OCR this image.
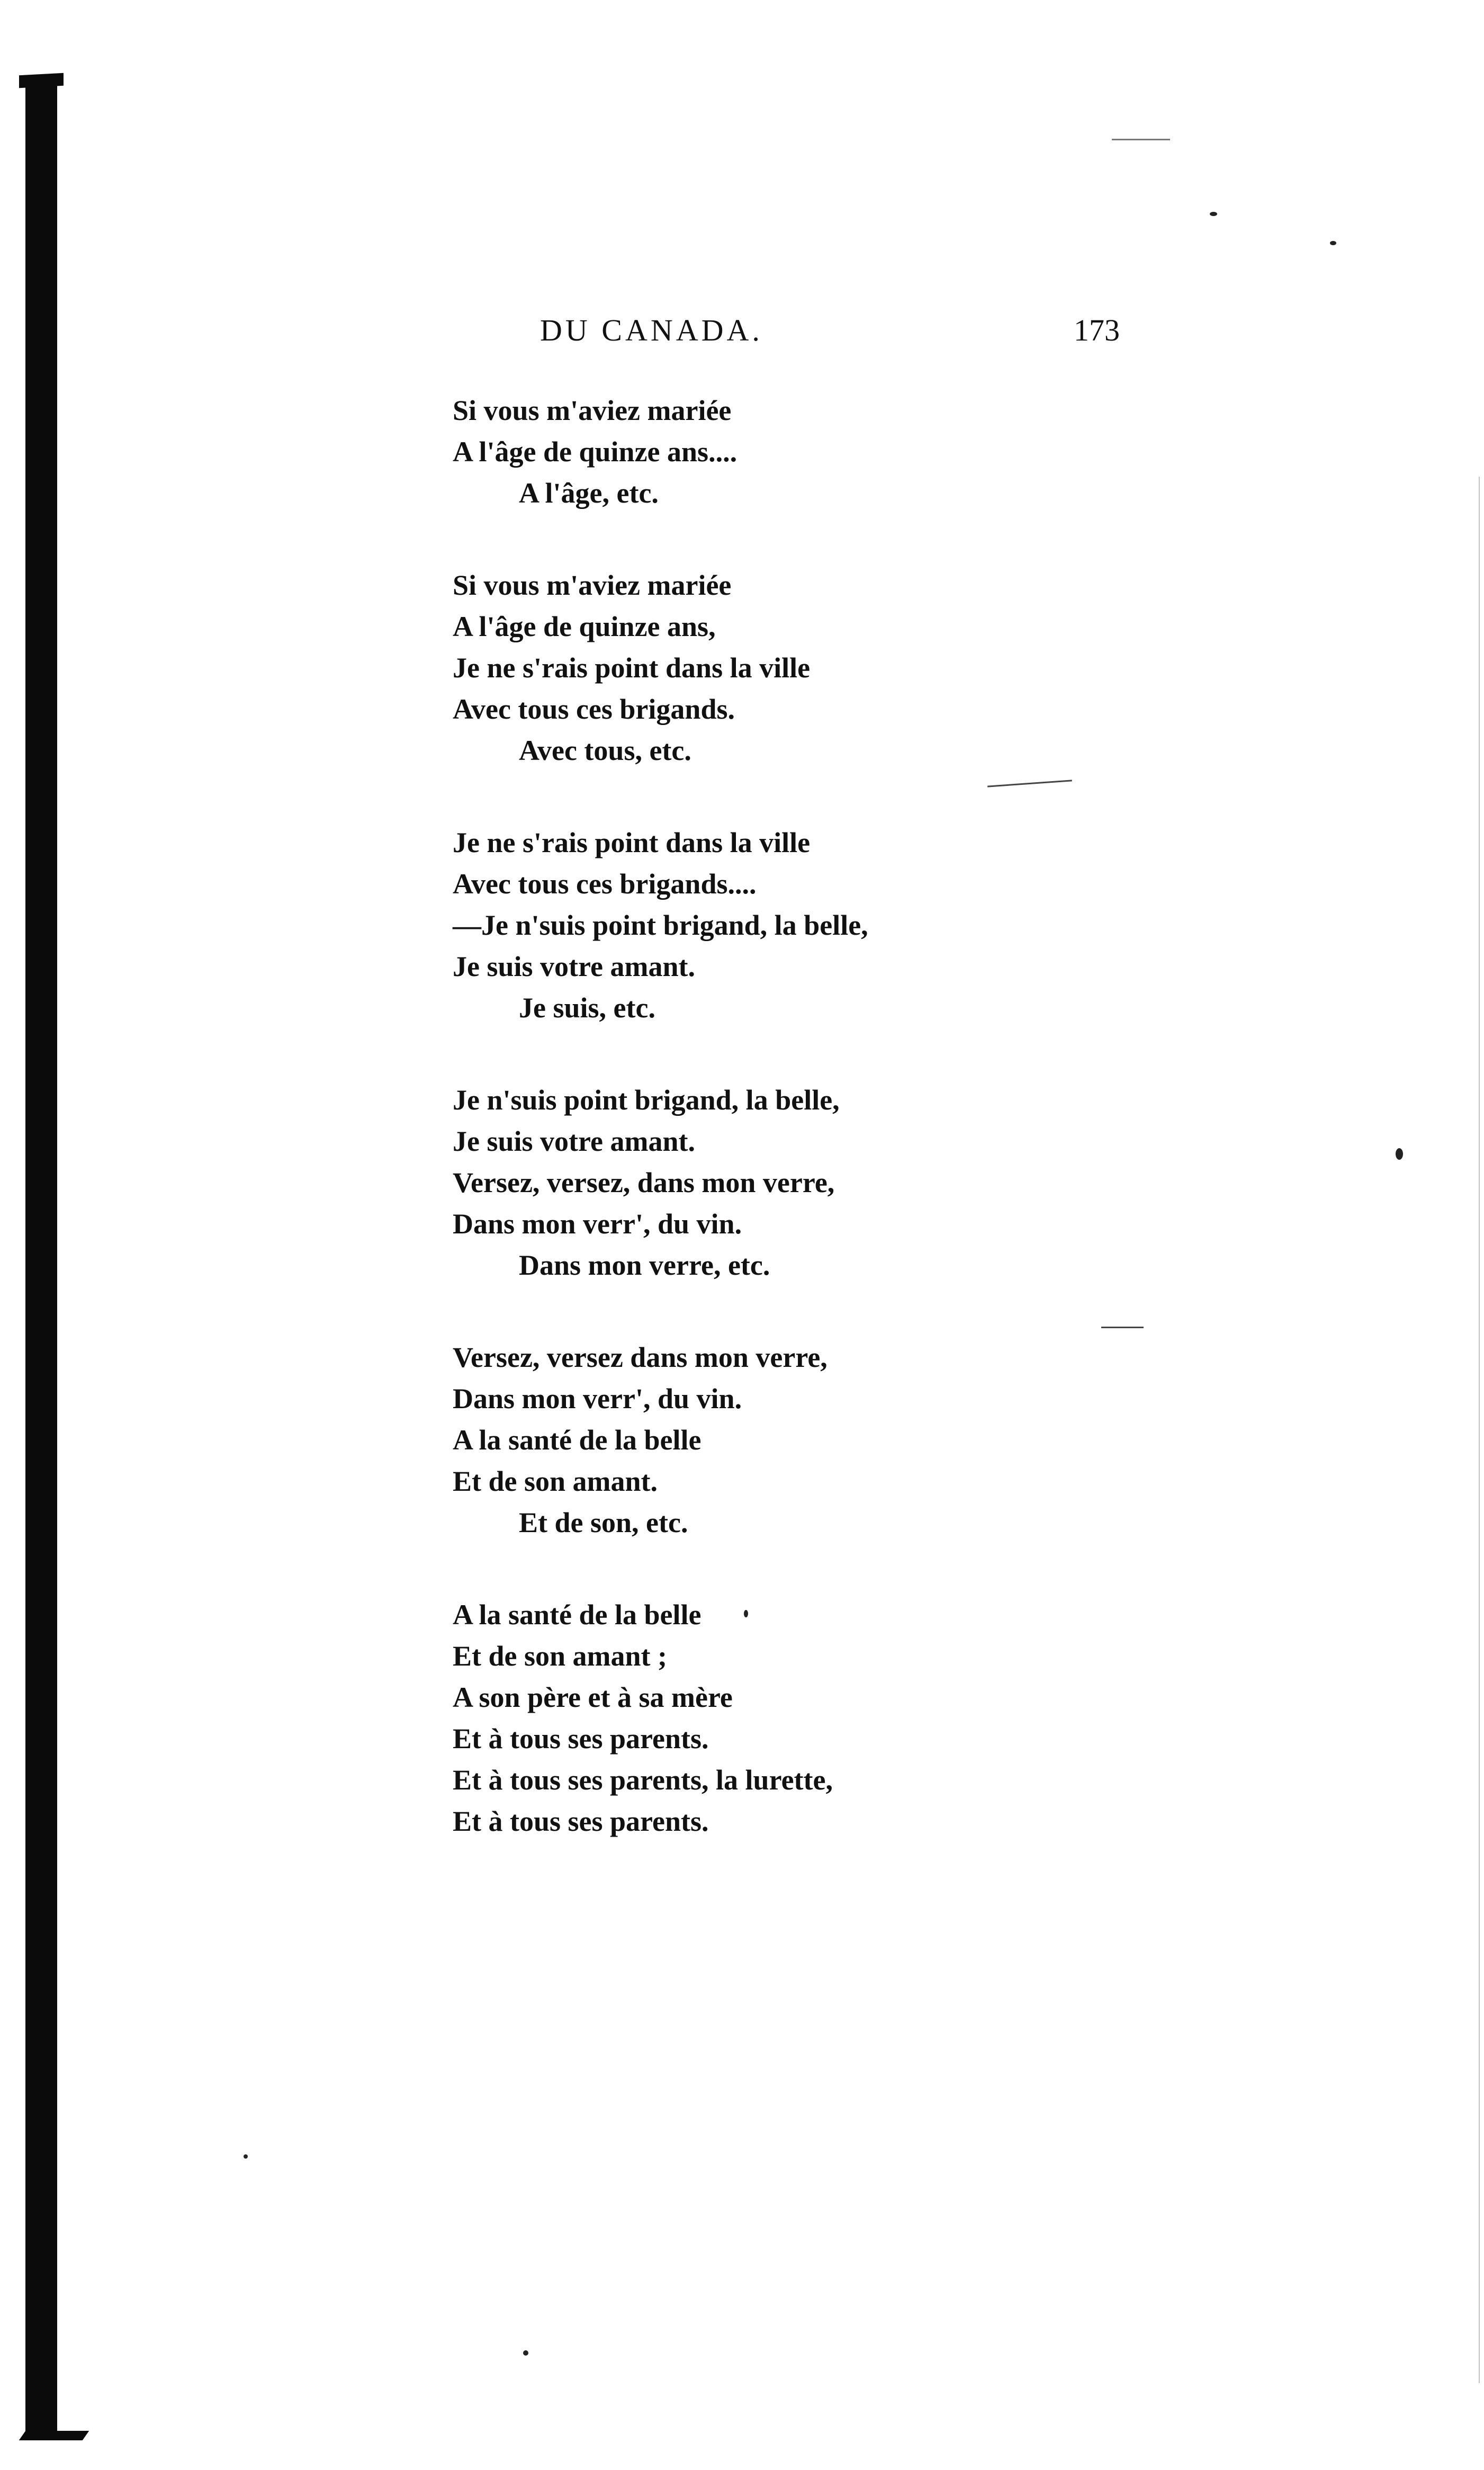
DU CANADA.	173
Si vous m'aviez mariée
A l'âge de quinze ans....
A l'âge, etc.
Si vous m'aviez mariée
A l'âge de quinze ans,
Je ne s'rais point dans la ville
Avec tous ces brigands.
Avec tous, etc.
Je ne s'rais point dans la ville
Avec tous ces brigands....
—Je n'suis point brigand, la belle,
Je suis votre amant.
Je suis, etc.
Je n'suis point brigand, la belle,
Je suis votre amant.
Versez, versez, dans mon verre,
Dans mon verr', du vin.
Dans mon verre, etc.
Versez, versez dans mon verre,
Dans mon verr', du vin.
A la santé de la belle
Et de son amant.
Et de son, etc.
A la santé de la belle
Et de son amant ;
A son père et à sa mère
Et à tous ses parents.
Et à tous ses parents, la lurette,
Et à tous ses parents.
